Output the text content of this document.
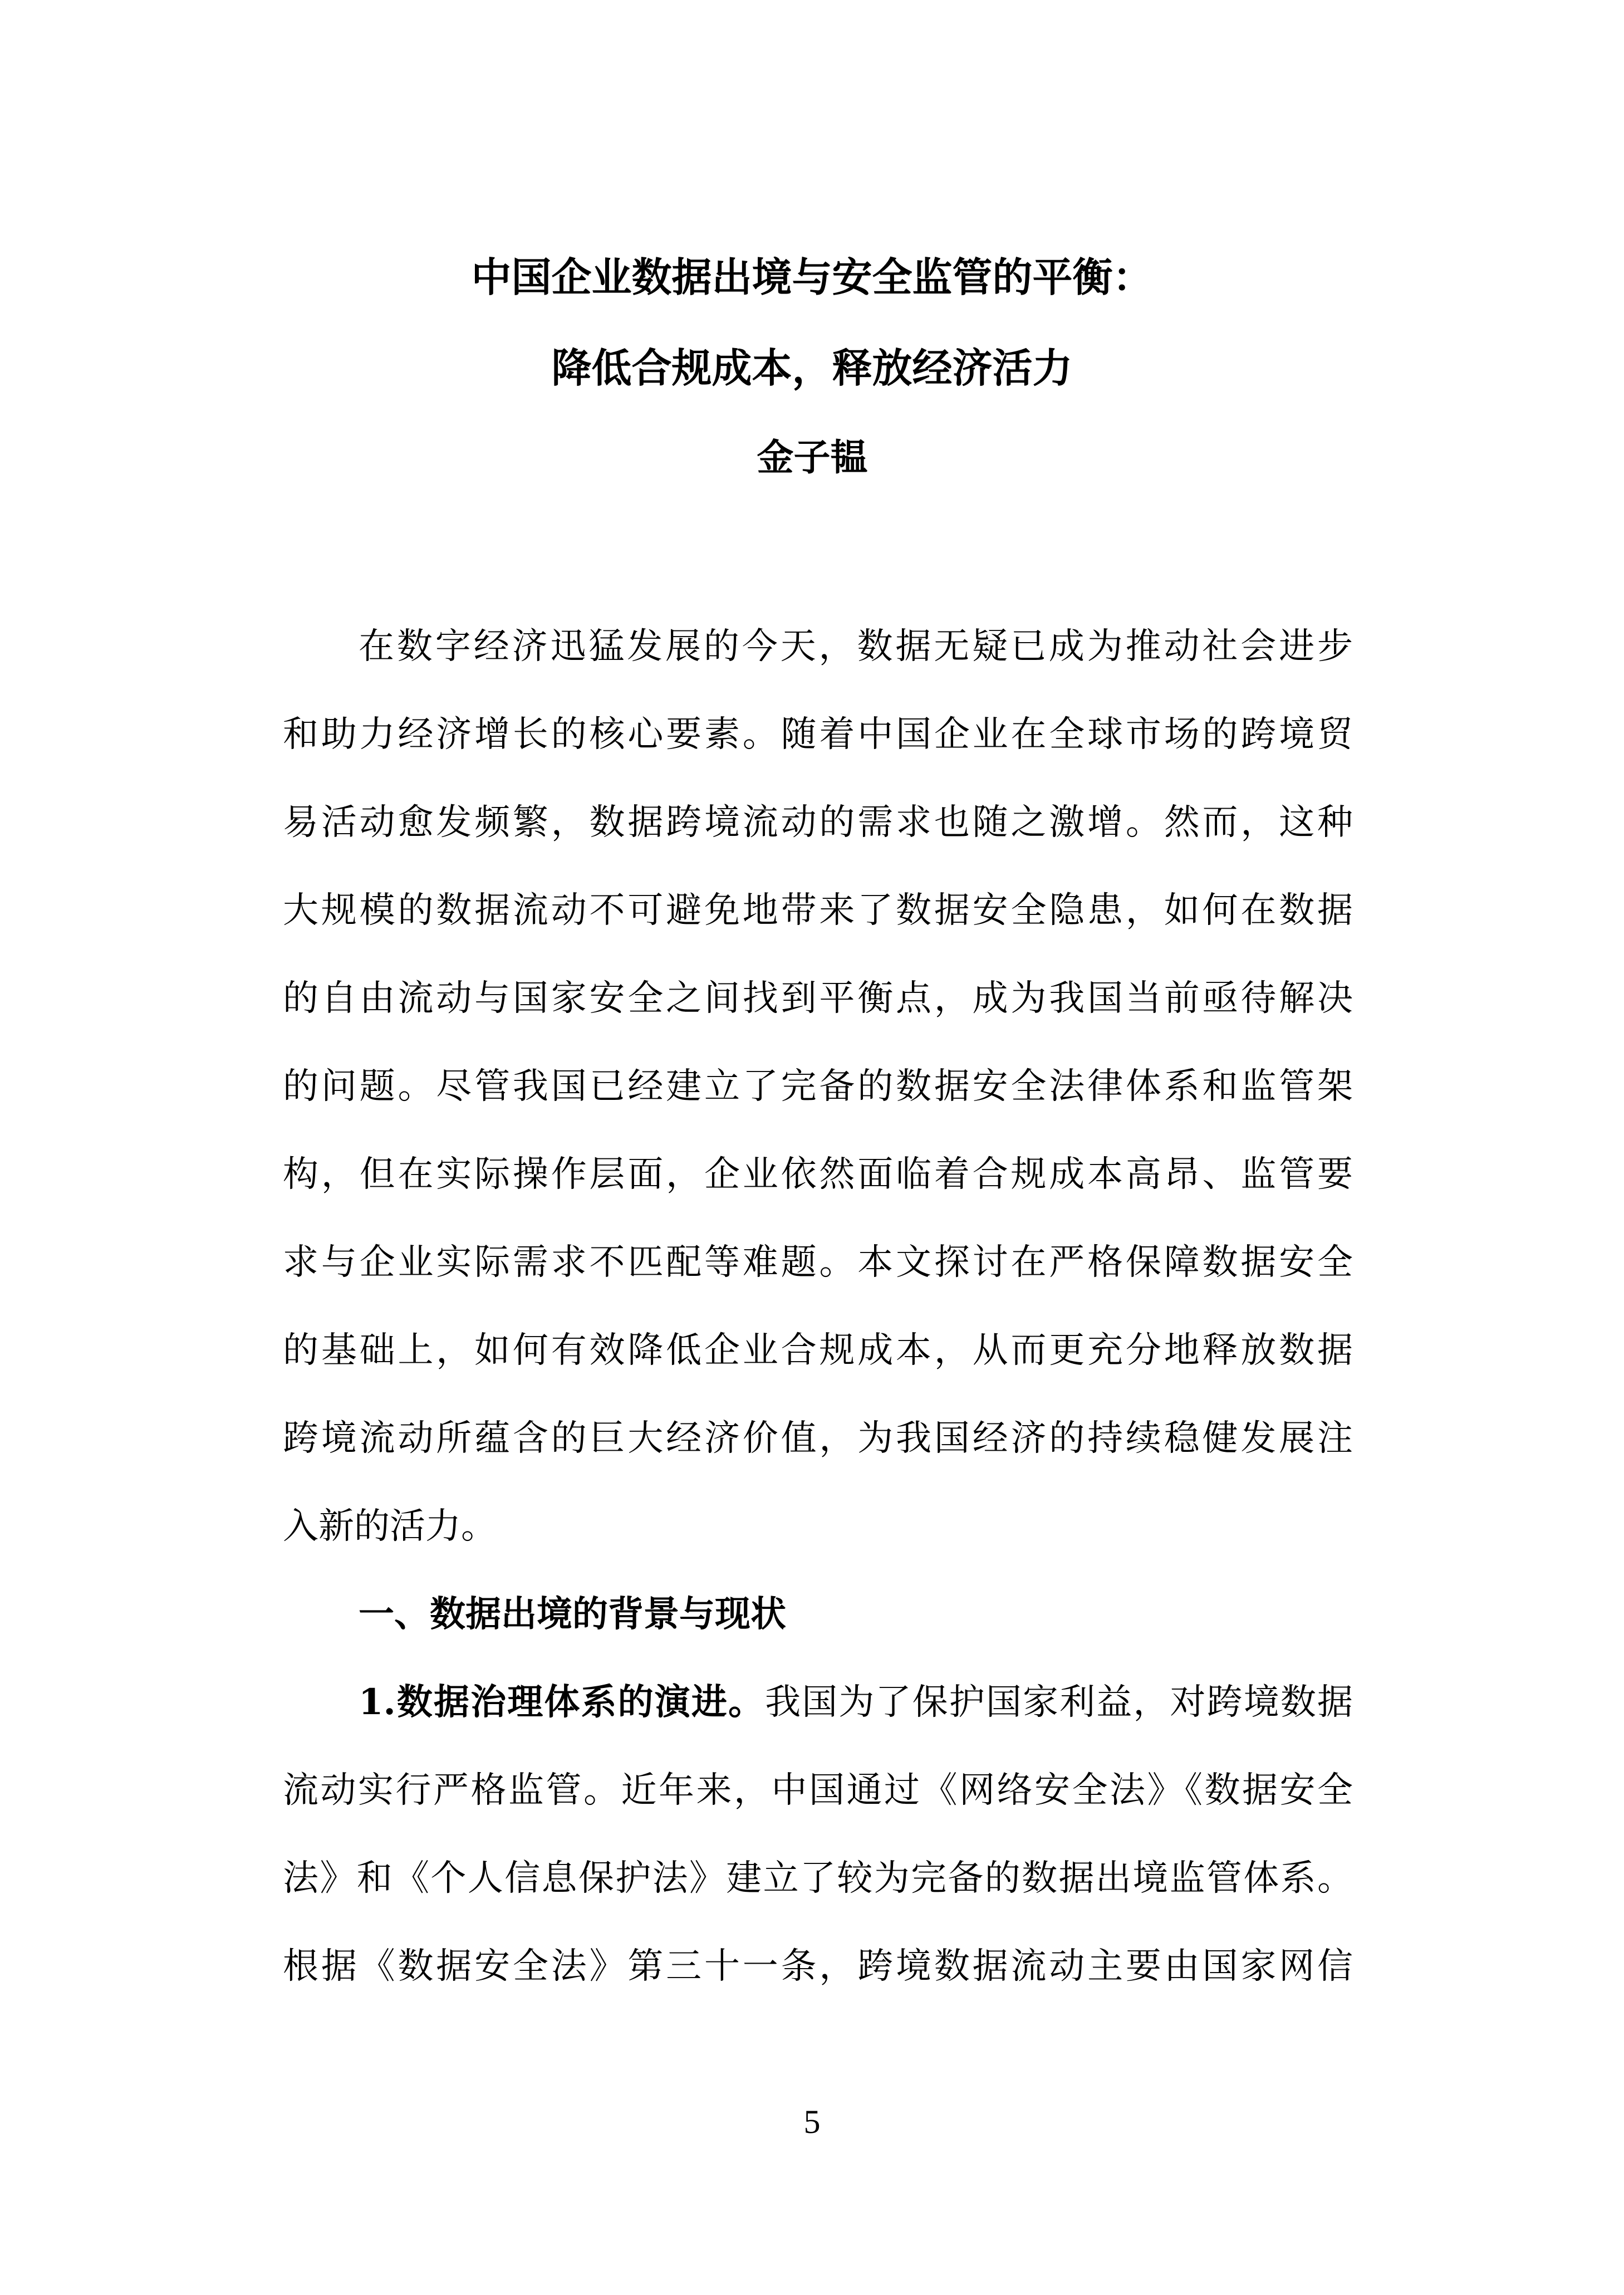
中国企业数据出境与安全监管的平衡：
降低合规成本，释放经济活力
金子韫
在数字经济迅猛发展的今天，数据无疑已成为推动社会进步
和助力经济增长的核心要素。随着中国企业在全球市场的跨境贸
易活动愈发频繁，数据跨境流动的需求也随之激增。然而，这种
大规模的数据流动不可避免地带来了数据安全隐患，如何在数据
的自由流动与国家安全之间找到平衡点，成为我国当前亟待解决
的问题。尽管我国已经建立了完备的数据安全法律体系和监管架
构，但在实际操作层面，企业依然面临着合规成本高昂、监管要
求与企业实际需求不匹配等难题。本文探讨在严格保障数据安全
的基础上，如何有效降低企业合规成本，从而更充分地释放数据
跨境流动所蕴含的巨大经济价值，为我国经济的持续稳健发展注
入新的活力。
一、数据出境的背景与现状
1.数据治理体系的演进。我国为了保护国家利益，对跨境数据
流动实行严格监管。近年来，中国通过《网络安全法》《数据安全
法》和《个人信息保护法》建立了较为完备的数据出境监管体系。
根据《数据安全法》第三十一条，跨境数据流动主要由国家网信
5
